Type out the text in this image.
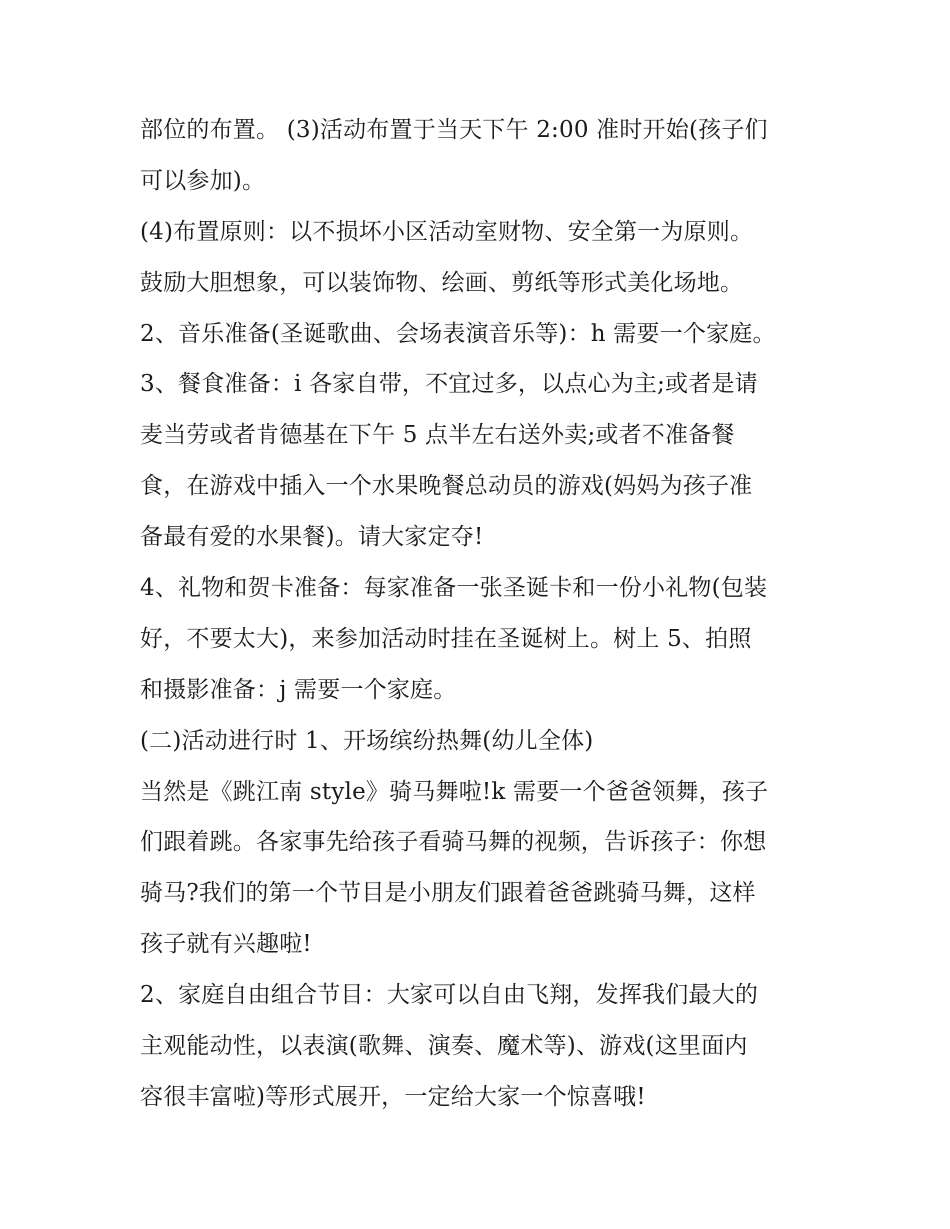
部位的布置。 (3)活动布置于当天下午 2:00 准时开始(孩子们
可以参加)。
(4)布置原则：以不损坏小区活动室财物、安全第一为原则。
鼓励大胆想象，可以装饰物、绘画、剪纸等形式美化场地。
2、音乐准备(圣诞歌曲、会场表演音乐等)：h 需要一个家庭。
3、餐食准备：i 各家自带，不宜过多，以点心为主;或者是请
麦当劳或者肯德基在下午 5 点半左右送外卖;或者不准备餐
食，在游戏中插入一个水果晚餐总动员的游戏(妈妈为孩子准
备最有爱的水果餐)。请大家定夺!
4、礼物和贺卡准备：每家准备一张圣诞卡和一份小礼物(包装
好，不要太大)，来参加活动时挂在圣诞树上。树上 5、拍照
和摄影准备：j 需要一个家庭。
(二)活动进行时 1、开场缤纷热舞(幼儿全体)
当然是《跳江南 style》骑马舞啦!k 需要一个爸爸领舞，孩子
们跟着跳。各家事先给孩子看骑马舞的视频，告诉孩子：你想
骑马?我们的第一个节目是小朋友们跟着爸爸跳骑马舞，这样
孩子就有兴趣啦!
2、家庭自由组合节目：大家可以自由飞翔，发挥我们最大的
主观能动性，以表演(歌舞、演奏、魔术等)、游戏(这里面内
容很丰富啦)等形式展开，一定给大家一个惊喜哦!
